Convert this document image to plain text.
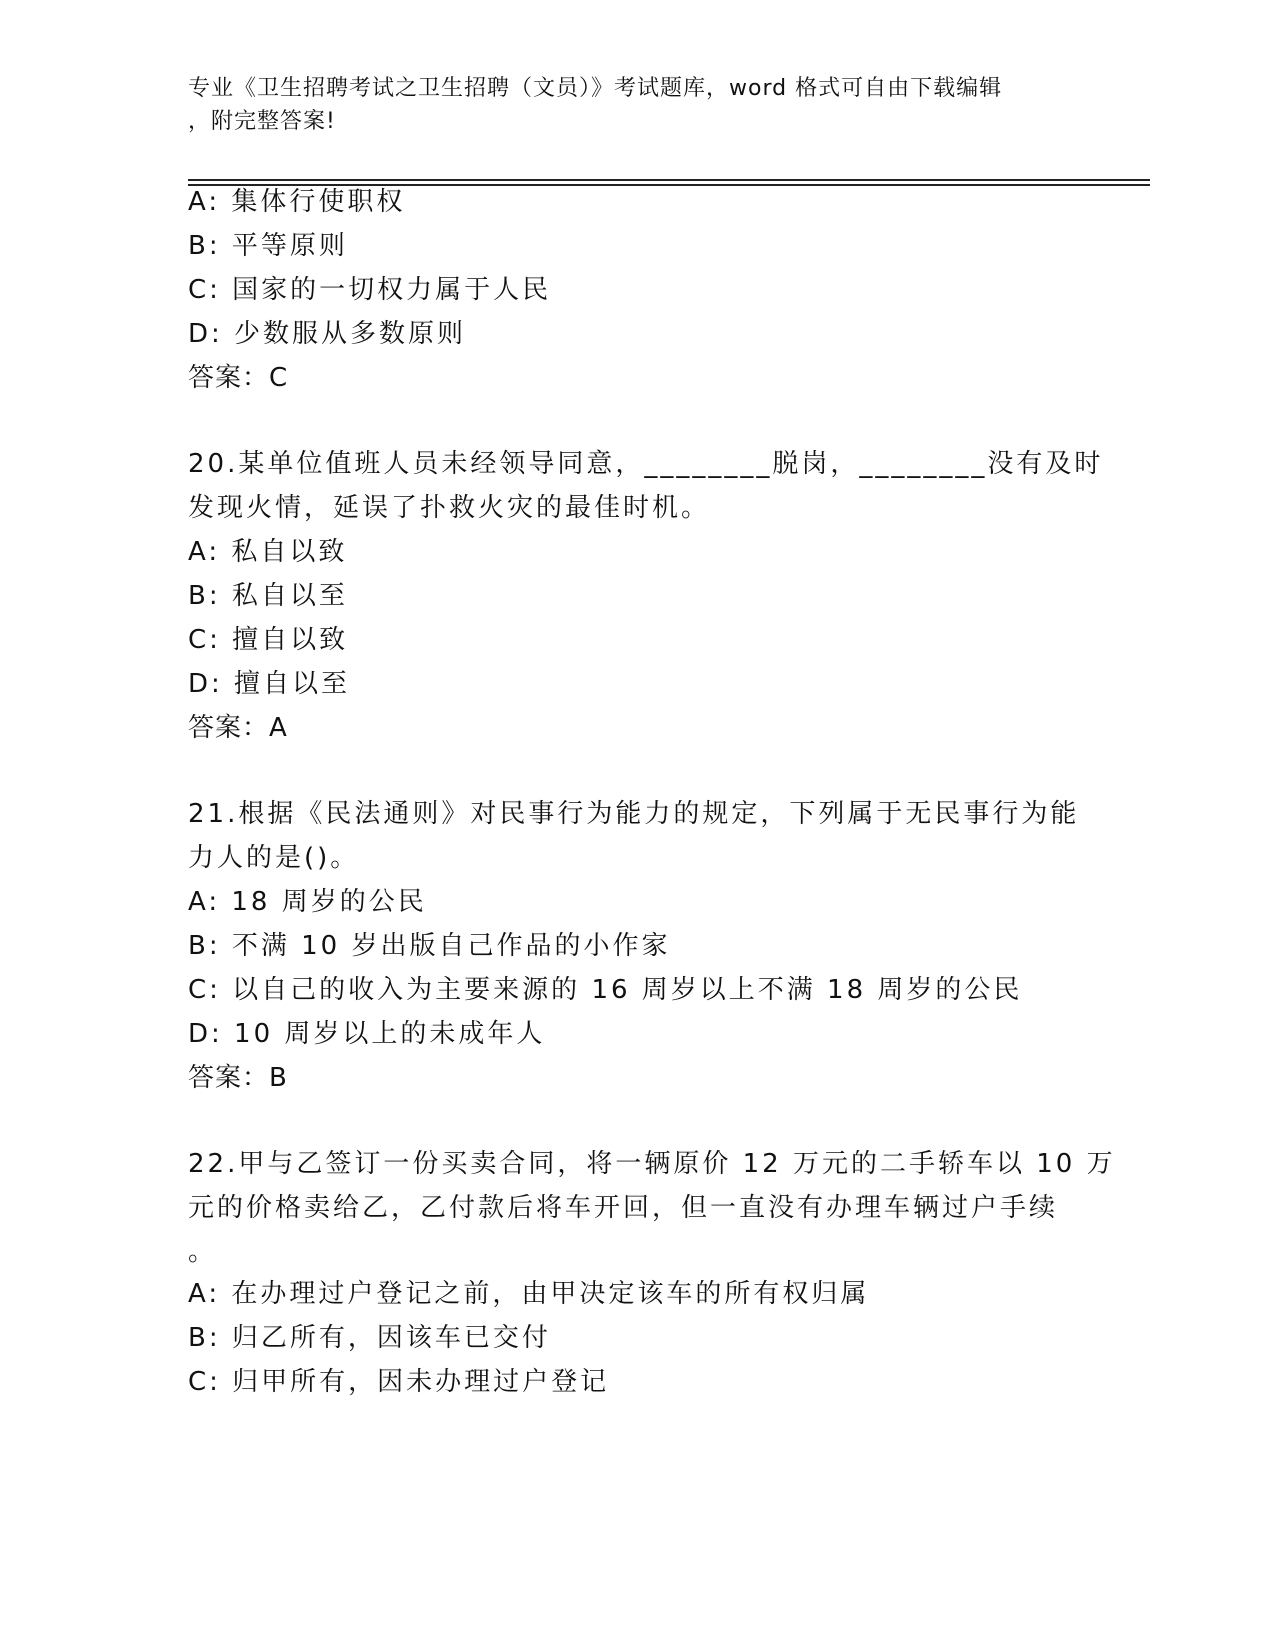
专业《卫生招聘考试之卫生招聘（文员）》考试题库，word 格式可自由下载编辑
，附完整答案!
A: 集体行使职权
B: 平等原则
C: 国家的一切权力属于人民
D: 少数服从多数原则
答案：C
20.某单位值班人员未经领导同意，________脱岗，________没有及时
发现火情，延误了扑救火灾的最佳时机。
A: 私自以致
B: 私自以至
C: 擅自以致
D: 擅自以至
答案：A
21.根据《民法通则》对民事行为能力的规定，下列属于无民事行为能
力人的是()。
A: 18 周岁的公民
B: 不满 10 岁出版自己作品的小作家
C: 以自己的收入为主要来源的 16 周岁以上不满 18 周岁的公民
D: 10 周岁以上的未成年人
答案：B
22.甲与乙签订一份买卖合同，将一辆原价 12 万元的二手轿车以 10 万
元的价格卖给乙，乙付款后将车开回，但一直没有办理车辆过户手续
。
A: 在办理过户登记之前，由甲决定该车的所有权归属
B: 归乙所有，因该车已交付
C: 归甲所有，因未办理过户登记
